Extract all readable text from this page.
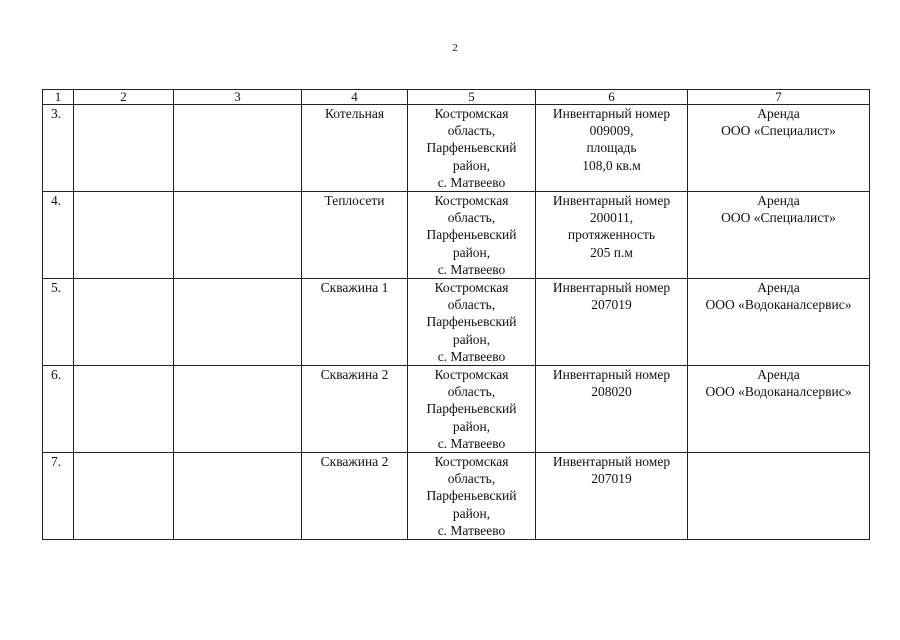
2
1	2	3	4	5	6	7
3.			Котельная	Костромская
область,
Парфеньевский
район,
с. Матвеево	Инвентарный номер
009009,
площадь
108,0 кв.м	Аренда
ООО «Специалист»

4.			Теплосети	Костромская
область,
Парфеньевский
район,
с. Матвеево	Инвентарный номер
200011,
протяженность
205 п.м	Аренда
ООО «Специалист»

5.			Скважина 1	Костромская
область,
Парфеньевский
район,
с. Матвеево	Инвентарный номер
207019	Аренда
ООО «Водоканалсервис»

6.			Скважина 2	Костромская
область,
Парфеньевский
район,
с. Матвеево	Инвентарный номер
208020	Аренда
ООО «Водоканалсервис»

7.			Скважина 2	Костромская
область,
Парфеньевский
район,
с. Матвеево	Инвентарный номер
207019	
